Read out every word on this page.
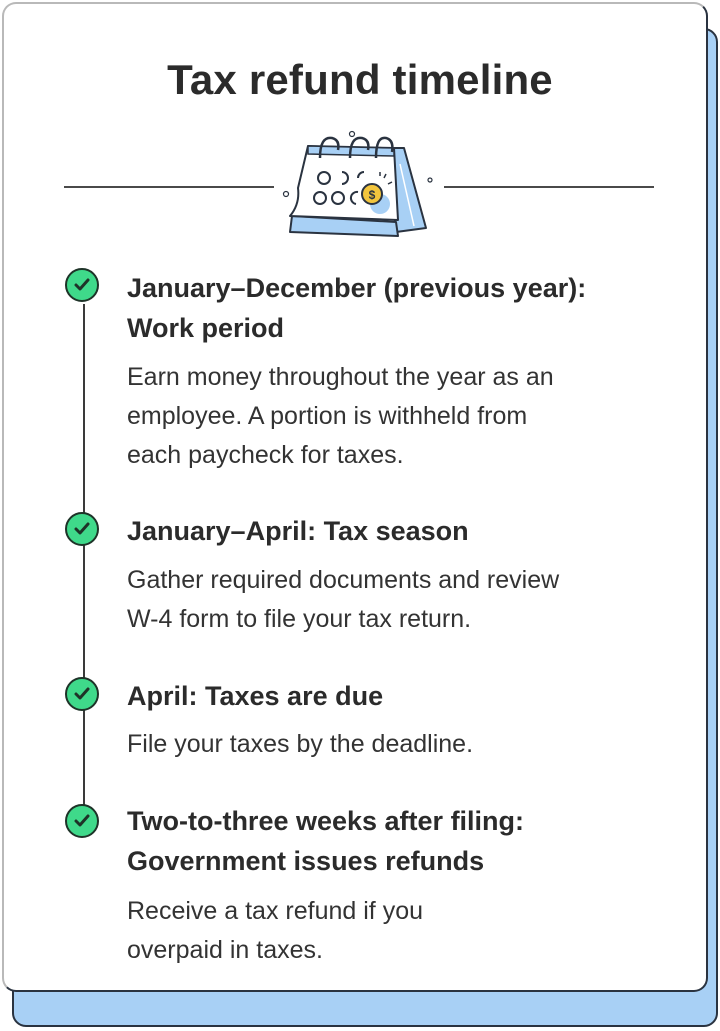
Tax refund timeline
$
January–December (previous year):
Work period
Earn money throughout the year as an
employee. A portion is withheld from
each paycheck for taxes.
January–April: Tax season
Gather required documents and review
W-4 form to file your tax return.
April: Taxes are due
File your taxes by the deadline.
Two-to-three weeks after filing:
Government issues refunds
Receive a tax refund if you
overpaid in taxes.
